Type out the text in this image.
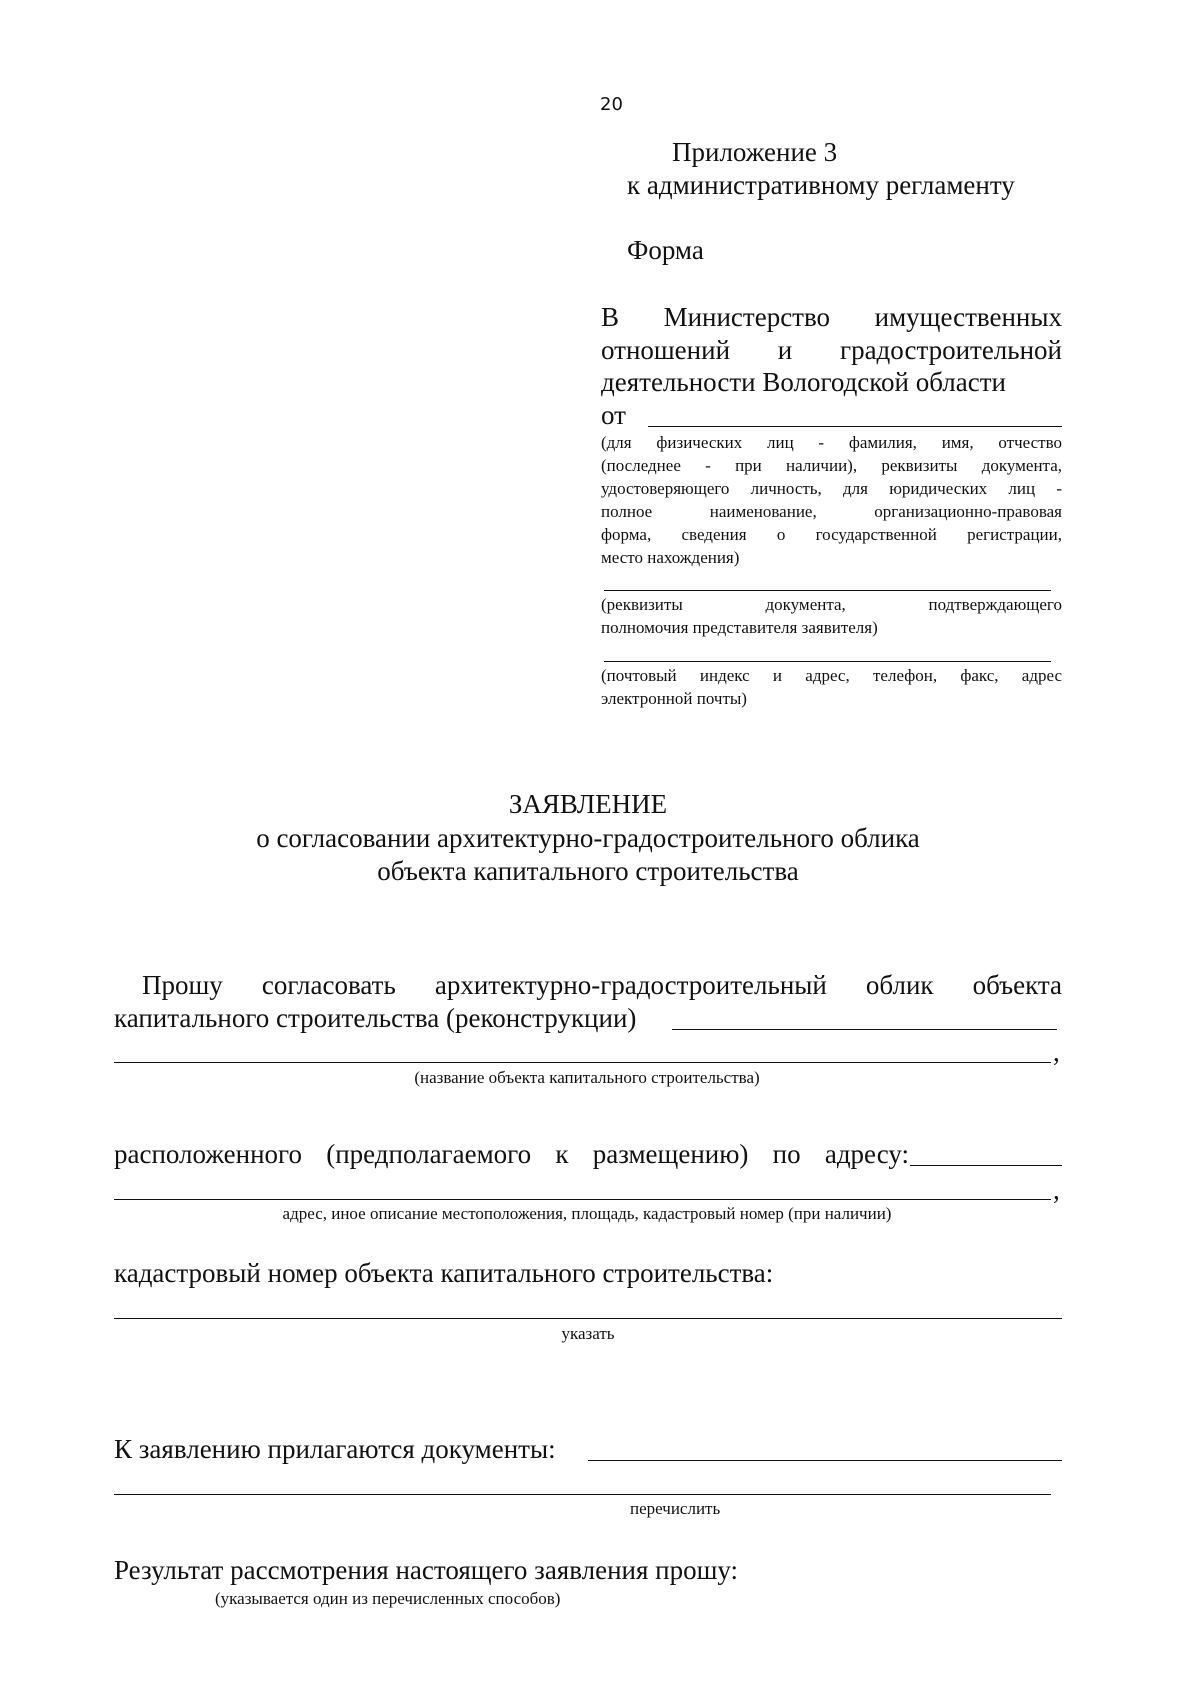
20
Приложение 3
к административному регламенту
Форма
В Министерство имущественных
отношений и градостроительной
деятельности Вологодской области
от
(для физических лиц - фамилия, имя, отчество
(последнее - при наличии), реквизиты документа,
удостоверяющего личность, для юридических лиц -
полное наименование, организационно-правовая
форма, сведения о государственной регистрации,
место нахождения)
(реквизиты документа, подтверждающего
полномочия представителя заявителя)
(почтовый индекс и адрес, телефон, факс, адрес
электронной почты)
ЗАЯВЛЕНИЕ
о согласовании архитектурно-градостроительного облика
объекта капитального строительства
Прошу согласовать архитектурно-градостроительный облик объекта
капитального строительства (реконструкции)
,
(название объекта капитального строительства)
расположенного (предполагаемого к размещению) по адресу:
,
адрес, иное описание местоположения, площадь, кадастровый номер (при наличии)
кадастровый номер объекта капитального строительства:
указать
К заявлению прилагаются документы:
перечислить
Результат рассмотрения настоящего заявления прошу:
(указывается один из перечисленных способов)
